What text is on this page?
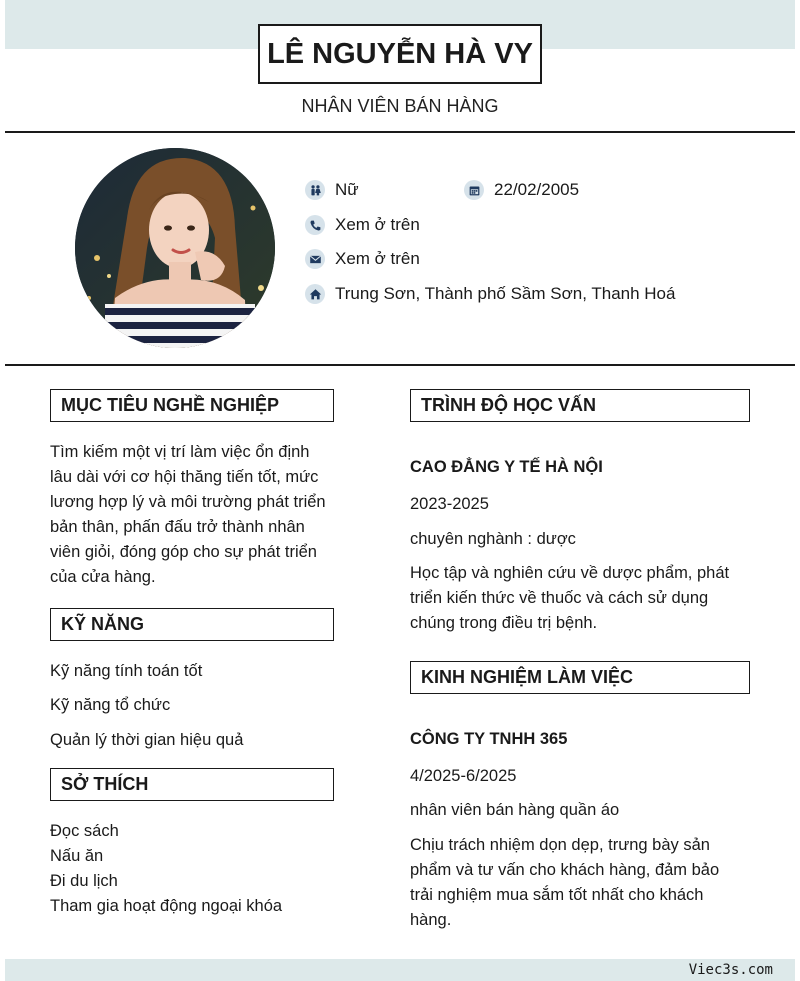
LÊ NGUYỄN HÀ VY
NHÂN VIÊN BÁN HÀNG
Nữ	22/02/2005
Xem ở trên
Xem ở trên
Trung Sơn, Thành phố Sầm Sơn, Thanh Hoá
MỤC TIÊU NGHỀ NGHIỆP
Tìm kiếm một vị trí làm việc ổn định
lâu dài với cơ hội thăng tiến tốt, mức
lương hợp lý và môi trường phát triển
bản thân, phấn đấu trở thành nhân
viên giỏi, đóng góp cho sự phát triển
của cửa hàng.
KỸ NĂNG
Kỹ năng tính toán tốt
Kỹ năng tổ chức
Quản lý thời gian hiệu quả
SỞ THÍCH
Đọc sách
Nấu ăn
Đi du lịch
Tham gia hoạt động ngoại khóa
TRÌNH ĐỘ HỌC VẤN
CAO ĐẲNG Y TẾ HÀ NỘI
2023-2025
chuyên nghành : dược
Học tập và nghiên cứu về dược phẩm, phát
triển kiến thức về thuốc và cách sử dụng
chúng trong điều trị bệnh.
KINH NGHIỆM LÀM VIỆC
CÔNG TY TNHH 365
4/2025-6/2025
nhân viên bán hàng quần áo
Chịu trách nhiệm dọn dẹp, trưng bày sản
phẩm và tư vấn cho khách hàng, đảm bảo
trải nghiệm mua sắm tốt nhất cho khách
hàng.
Viec3s.com
